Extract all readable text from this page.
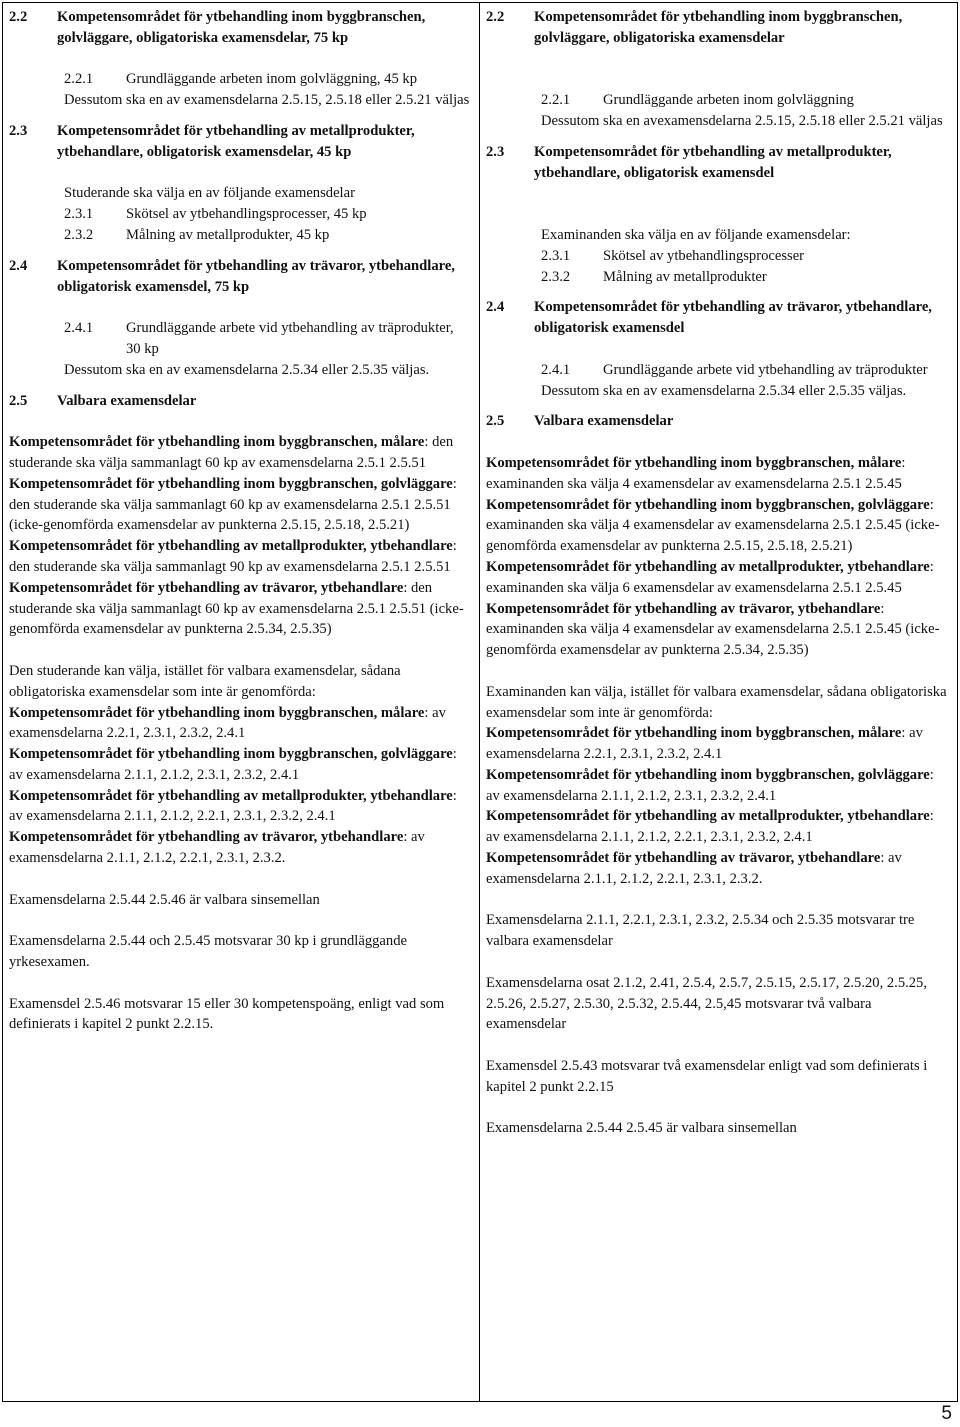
2.2	Kompetensområdet för ytbehandling inom byggbranschen, golvläggare, obligatoriska examensdelar, 75 kp
2.2.1	Grundläggande arbeten inom golvläggning, 45 kp

Dessutom ska en av examensdelarna 2.5.15, 2.5.18 eller 2.5.21 väljas

2.3	Kompetensområdet för ytbehandling av metallprodukter, ytbehandlare, obligatorisk examensdelar, 45 kp

Studerande ska välja en av följande examensdelar

2.3.1	Skötsel av ytbehandlingsprocesser, 45 kp
2.3.2	Målning av metallprodukter, 45 kp
2.4	Kompetensområdet för ytbehandling av trävaror, ytbehandlare, obligatorisk examensdel, 75 kp
2.4.1	Grundläggande arbete vid ytbehandling av träprodukter, 30 kp

Dessutom ska en av examensdelarna 2.5.34 eller 2.5.35 väljas.

2.5	Valbara examensdelar

Kompetensområdet för ytbehandling inom byggbranschen, målare: den studerande ska välja sammanlagt 60 kp av examensdelarna 2.5.1 2.5.51

Kompetensområdet för ytbehandling inom byggbranschen, golvläggare: den studerande ska välja sammanlagt 60 kp av examensdelarna 2.5.1 2.5.51 (icke-genomförda examensdelar av punkterna 2.5.15, 2.5.18, 2.5.21)

Kompetensområdet för ytbehandling av metallprodukter, ytbehandlare: den studerande ska välja sammanlagt 90 kp av examensdelarna 2.5.1 2.5.51

Kompetensområdet för ytbehandling av trävaror, ytbehandlare: den studerande ska välja sammanlagt 60 kp av examensdelarna 2.5.1 2.5.51 (icke-genomförda examensdelar av punkterna 2.5.34, 2.5.35)

Den studerande kan välja, istället för valbara examensdelar, sådana obligatoriska examensdelar som inte är genomförda:

Kompetensområdet för ytbehandling inom byggbranschen, målare: av examensdelarna 2.2.1, 2.3.1, 2.3.2, 2.4.1

Kompetensområdet för ytbehandling inom byggbranschen, golvläggare: av examensdelarna 2.1.1, 2.1.2, 2.3.1, 2.3.2, 2.4.1

Kompetensområdet för ytbehandling av metallprodukter, ytbehandlare: av examensdelarna 2.1.1, 2.1.2, 2.2.1, 2.3.1, 2.3.2, 2.4.1

Kompetensområdet för ytbehandling av trävaror, ytbehandlare: av examensdelarna 2.1.1, 2.1.2, 2.2.1, 2.3.1, 2.3.2.

Examensdelarna 2.5.44 2.5.46 är valbara sinsemellan

Examensdelarna 2.5.44 och 2.5.45 motsvarar 30 kp i grundläggande yrkesexamen.

Examensdel 2.5.46 motsvarar 15 eller 30 kompetenspoäng, enligt vad som definierats i kapitel 2 punkt 2.2.15.

2.2	Kompetensområdet för ytbehandling inom byggbranschen, golvläggare, obligatoriska examensdelar
2.2.1	Grundläggande arbeten inom golvläggning

Dessutom ska en avexamensdelarna 2.5.15, 2.5.18 eller 2.5.21 väljas

2.3	Kompetensområdet för ytbehandling av metallprodukter, ytbehandlare, obligatorisk examensdel

Examinanden ska välja en av följande examensdelar:

2.3.1	Skötsel av ytbehandlingsprocesser
2.3.2	Målning av metallprodukter
2.4	Kompetensområdet för ytbehandling av trävaror, ytbehandlare, obligatorisk examensdel
2.4.1	Grundläggande arbete vid ytbehandling av träprodukter

Dessutom ska en av examensdelarna 2.5.34 eller 2.5.35 väljas.

2.5	Valbara examensdelar

Kompetensområdet för ytbehandling inom byggbranschen, målare: examinanden ska välja 4 examensdelar av examensdelarna 2.5.1 2.5.45

Kompetensområdet för ytbehandling inom byggbranschen, golvläggare: examinanden ska välja 4 examensdelar av examensdelarna 2.5.1 2.5.45 (icke-genomförda examensdelar av punkterna 2.5.15, 2.5.18, 2.5.21)

Kompetensområdet för ytbehandling av metallprodukter, ytbehandlare: examinanden ska välja 6 examensdelar av examensdelarna 2.5.1 2.5.45

Kompetensområdet för ytbehandling av trävaror, ytbehandlare: examinanden ska välja 4 examensdelar av examensdelarna 2.5.1 2.5.45 (icke-genomförda examensdelar av punkterna 2.5.34, 2.5.35)

Examinanden kan välja, istället för valbara examensdelar, sådana obligatoriska examensdelar som inte är genomförda:

Kompetensområdet för ytbehandling inom byggbranschen, målare: av examensdelarna 2.2.1, 2.3.1, 2.3.2, 2.4.1

Kompetensområdet för ytbehandling inom byggbranschen, golvläggare: av examensdelarna 2.1.1, 2.1.2, 2.3.1, 2.3.2, 2.4.1

Kompetensområdet för ytbehandling av metallprodukter, ytbehandlare: av examensdelarna 2.1.1, 2.1.2, 2.2.1, 2.3.1, 2.3.2, 2.4.1

Kompetensområdet för ytbehandling av trävaror, ytbehandlare: av examensdelarna 2.1.1, 2.1.2, 2.2.1, 2.3.1, 2.3.2.

Examensdelarna 2.1.1, 2.2.1, 2.3.1, 2.3.2, 2.5.34 och 2.5.35 motsvarar tre valbara examensdelar

Examensdelarna osat 2.1.2, 2.41, 2.5.4, 2.5.7, 2.5.15, 2.5.17, 2.5.20, 2.5.25, 2.5.26, 2.5.27, 2.5.30, 2.5.32, 2.5.44, 2.5,45 motsvarar två valbara examensdelar

Examensdel 2.5.43 motsvarar två examensdelar enligt vad som definierats i kapitel 2 punkt 2.2.15

Examensdelarna 2.5.44 2.5.45 är valbara sinsemellan

5
